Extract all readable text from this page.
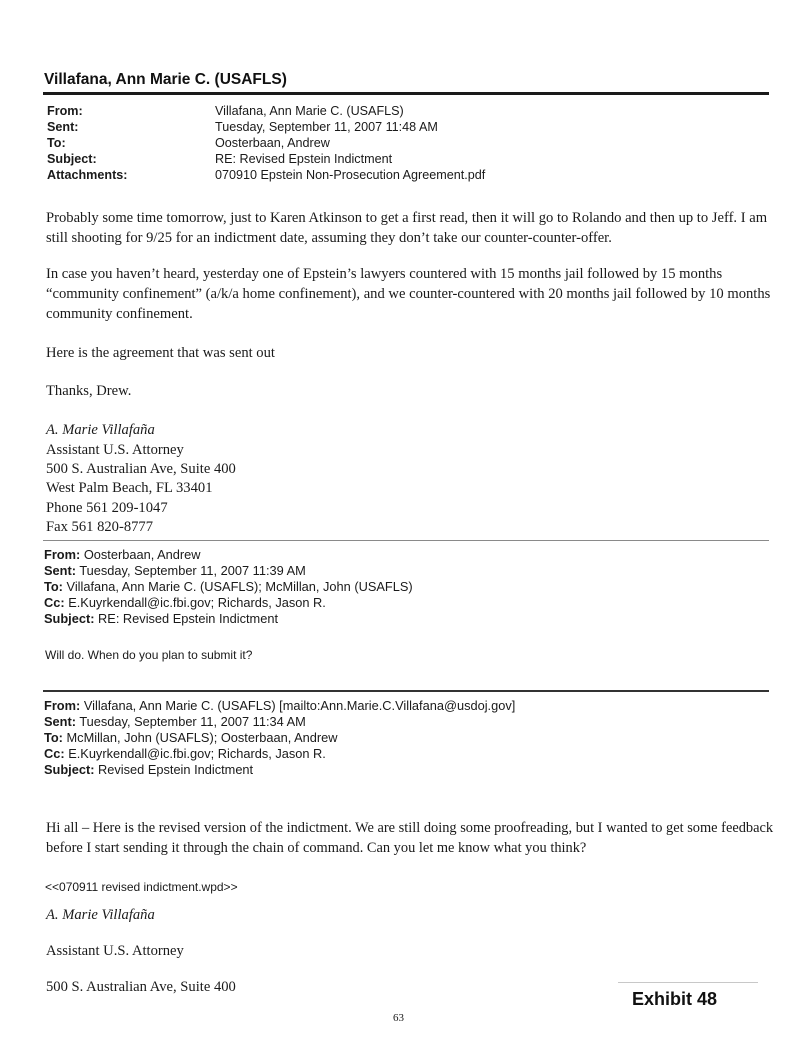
Villafana, Ann Marie C. (USAFLS)
From:	Villafana, Ann Marie C. (USAFLS)
Sent:	Tuesday, September 11, 2007 11:48 AM
To:	Oosterbaan, Andrew
Subject:	RE: Revised Epstein Indictment
Attachments:	070910 Epstein Non-Prosecution Agreement.pdf
Probably some time tomorrow, just to Karen Atkinson to get a first read, then it will go to Rolando and then up to Jeff. I am still shooting for 9/25 for an indictment date, assuming they don’t take our counter-counter-offer.
In case you haven’t heard, yesterday one of Epstein’s lawyers countered with 15 months jail followed by 15 months “community confinement” (a/k/a home confinement), and we counter-countered with 20 months jail followed by 10 months community confinement.
Here is the agreement that was sent out
Thanks, Drew.
A. Marie Villafaña
Assistant U.S. Attorney
500 S. Australian Ave, Suite 400
West Palm Beach, FL 33401
Phone 561 209-1047
Fax 561 820-8777
From: Oosterbaan, Andrew
Sent: Tuesday, September 11, 2007 11:39 AM
To: Villafana, Ann Marie C. (USAFLS); McMillan, John (USAFLS)
Cc: E.Kuyrkendall@ic.fbi.gov; Richards, Jason R.
Subject: RE: Revised Epstein Indictment
Will do. When do you plan to submit it?
From: Villafana, Ann Marie C. (USAFLS) [mailto:Ann.Marie.C.Villafana@usdoj.gov]
Sent: Tuesday, September 11, 2007 11:34 AM
To: McMillan, John (USAFLS); Oosterbaan, Andrew
Cc: E.Kuyrkendall@ic.fbi.gov; Richards, Jason R.
Subject: Revised Epstein Indictment
Hi all – Here is the revised version of the indictment. We are still doing some proofreading, but I wanted to get some feedback before I start sending it through the chain of command. Can you let me know what you think?
<<070911 revised indictment.wpd>>
A. Marie Villafaña
Assistant U.S. Attorney
500 S. Australian Ave, Suite 400
Exhibit 48
63
